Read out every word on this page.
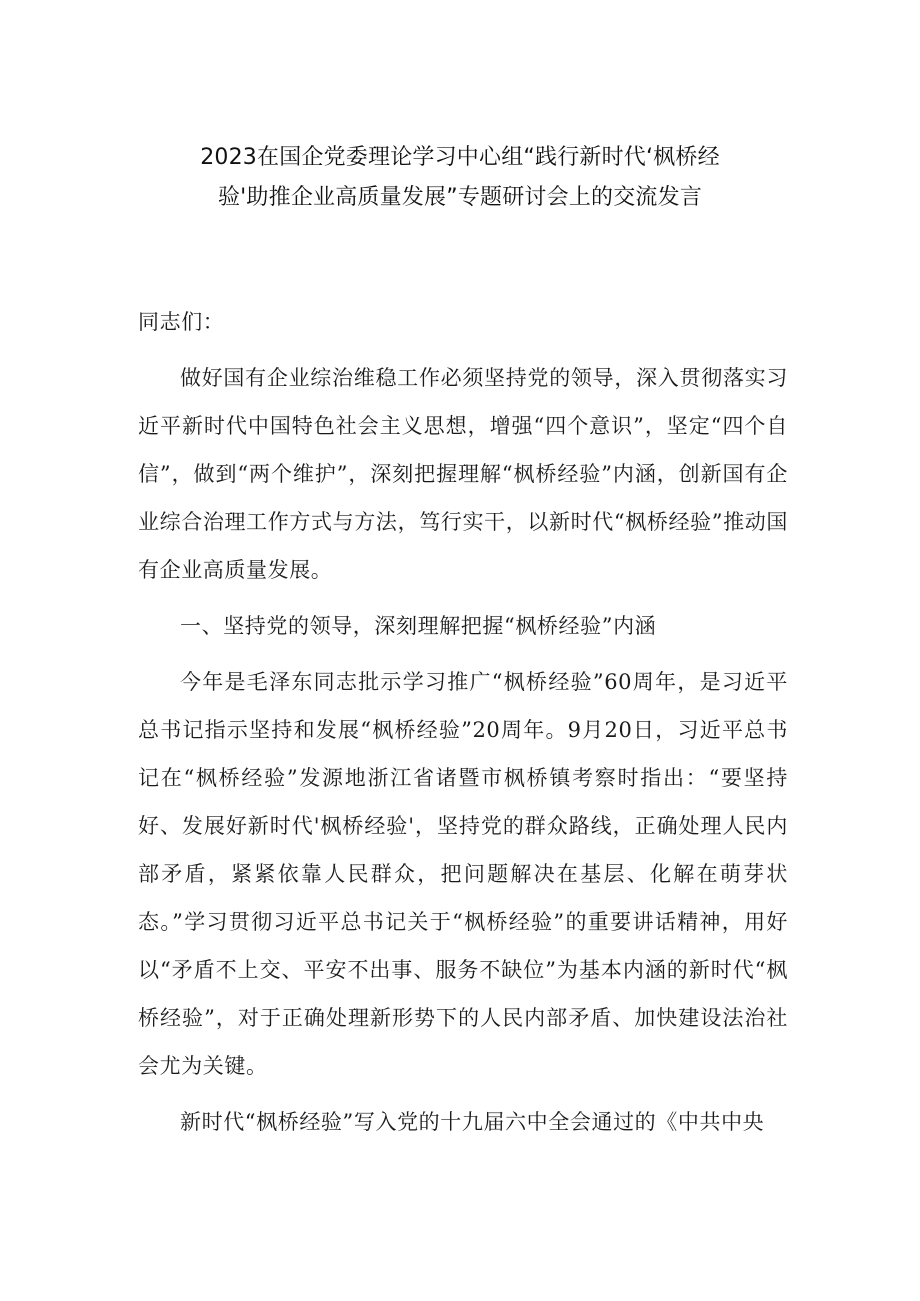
2023在国企党委理论学习中心组“践行新时代‘枫桥经
验'助推企业高质量发展”专题研讨会上的交流发言

同志们：

做好国有企业综治维稳工作必须坚持党的领导，深入贯彻落实习近平新时代中国特色社会主义思想，增强“四个意识”，坚定“四个自信”，做到“两个维护”，深刻把握理解“枫桥经验”内涵，创新国有企业综合治理工作方式与方法，笃行实干，以新时代“枫桥经验”推动国有企业高质量发展。

一、坚持党的领导，深刻理解把握“枫桥经验”内涵

今年是毛泽东同志批示学习推广“枫桥经验”60周年，是习近平总书记指示坚持和发展“枫桥经验”20周年。9月20日，习近平总书记在“枫桥经验”发源地浙江省诸暨市枫桥镇考察时指出：“要坚持好、发展好新时代'枫桥经验'，坚持党的群众路线，正确处理人民内部矛盾，紧紧依靠人民群众，把问题解决在基层、化解在萌芽状态。”学习贯彻习近平总书记关于“枫桥经验”的重要讲话精神，用好以“矛盾不上交、平安不出事、服务不缺位”为基本内涵的新时代“枫桥经验”，对于正确处理新形势下的人民内部矛盾、加快建设法治社会尤为关键。

新时代“枫桥经验”写入党的十九届六中全会通过的《中共中央
